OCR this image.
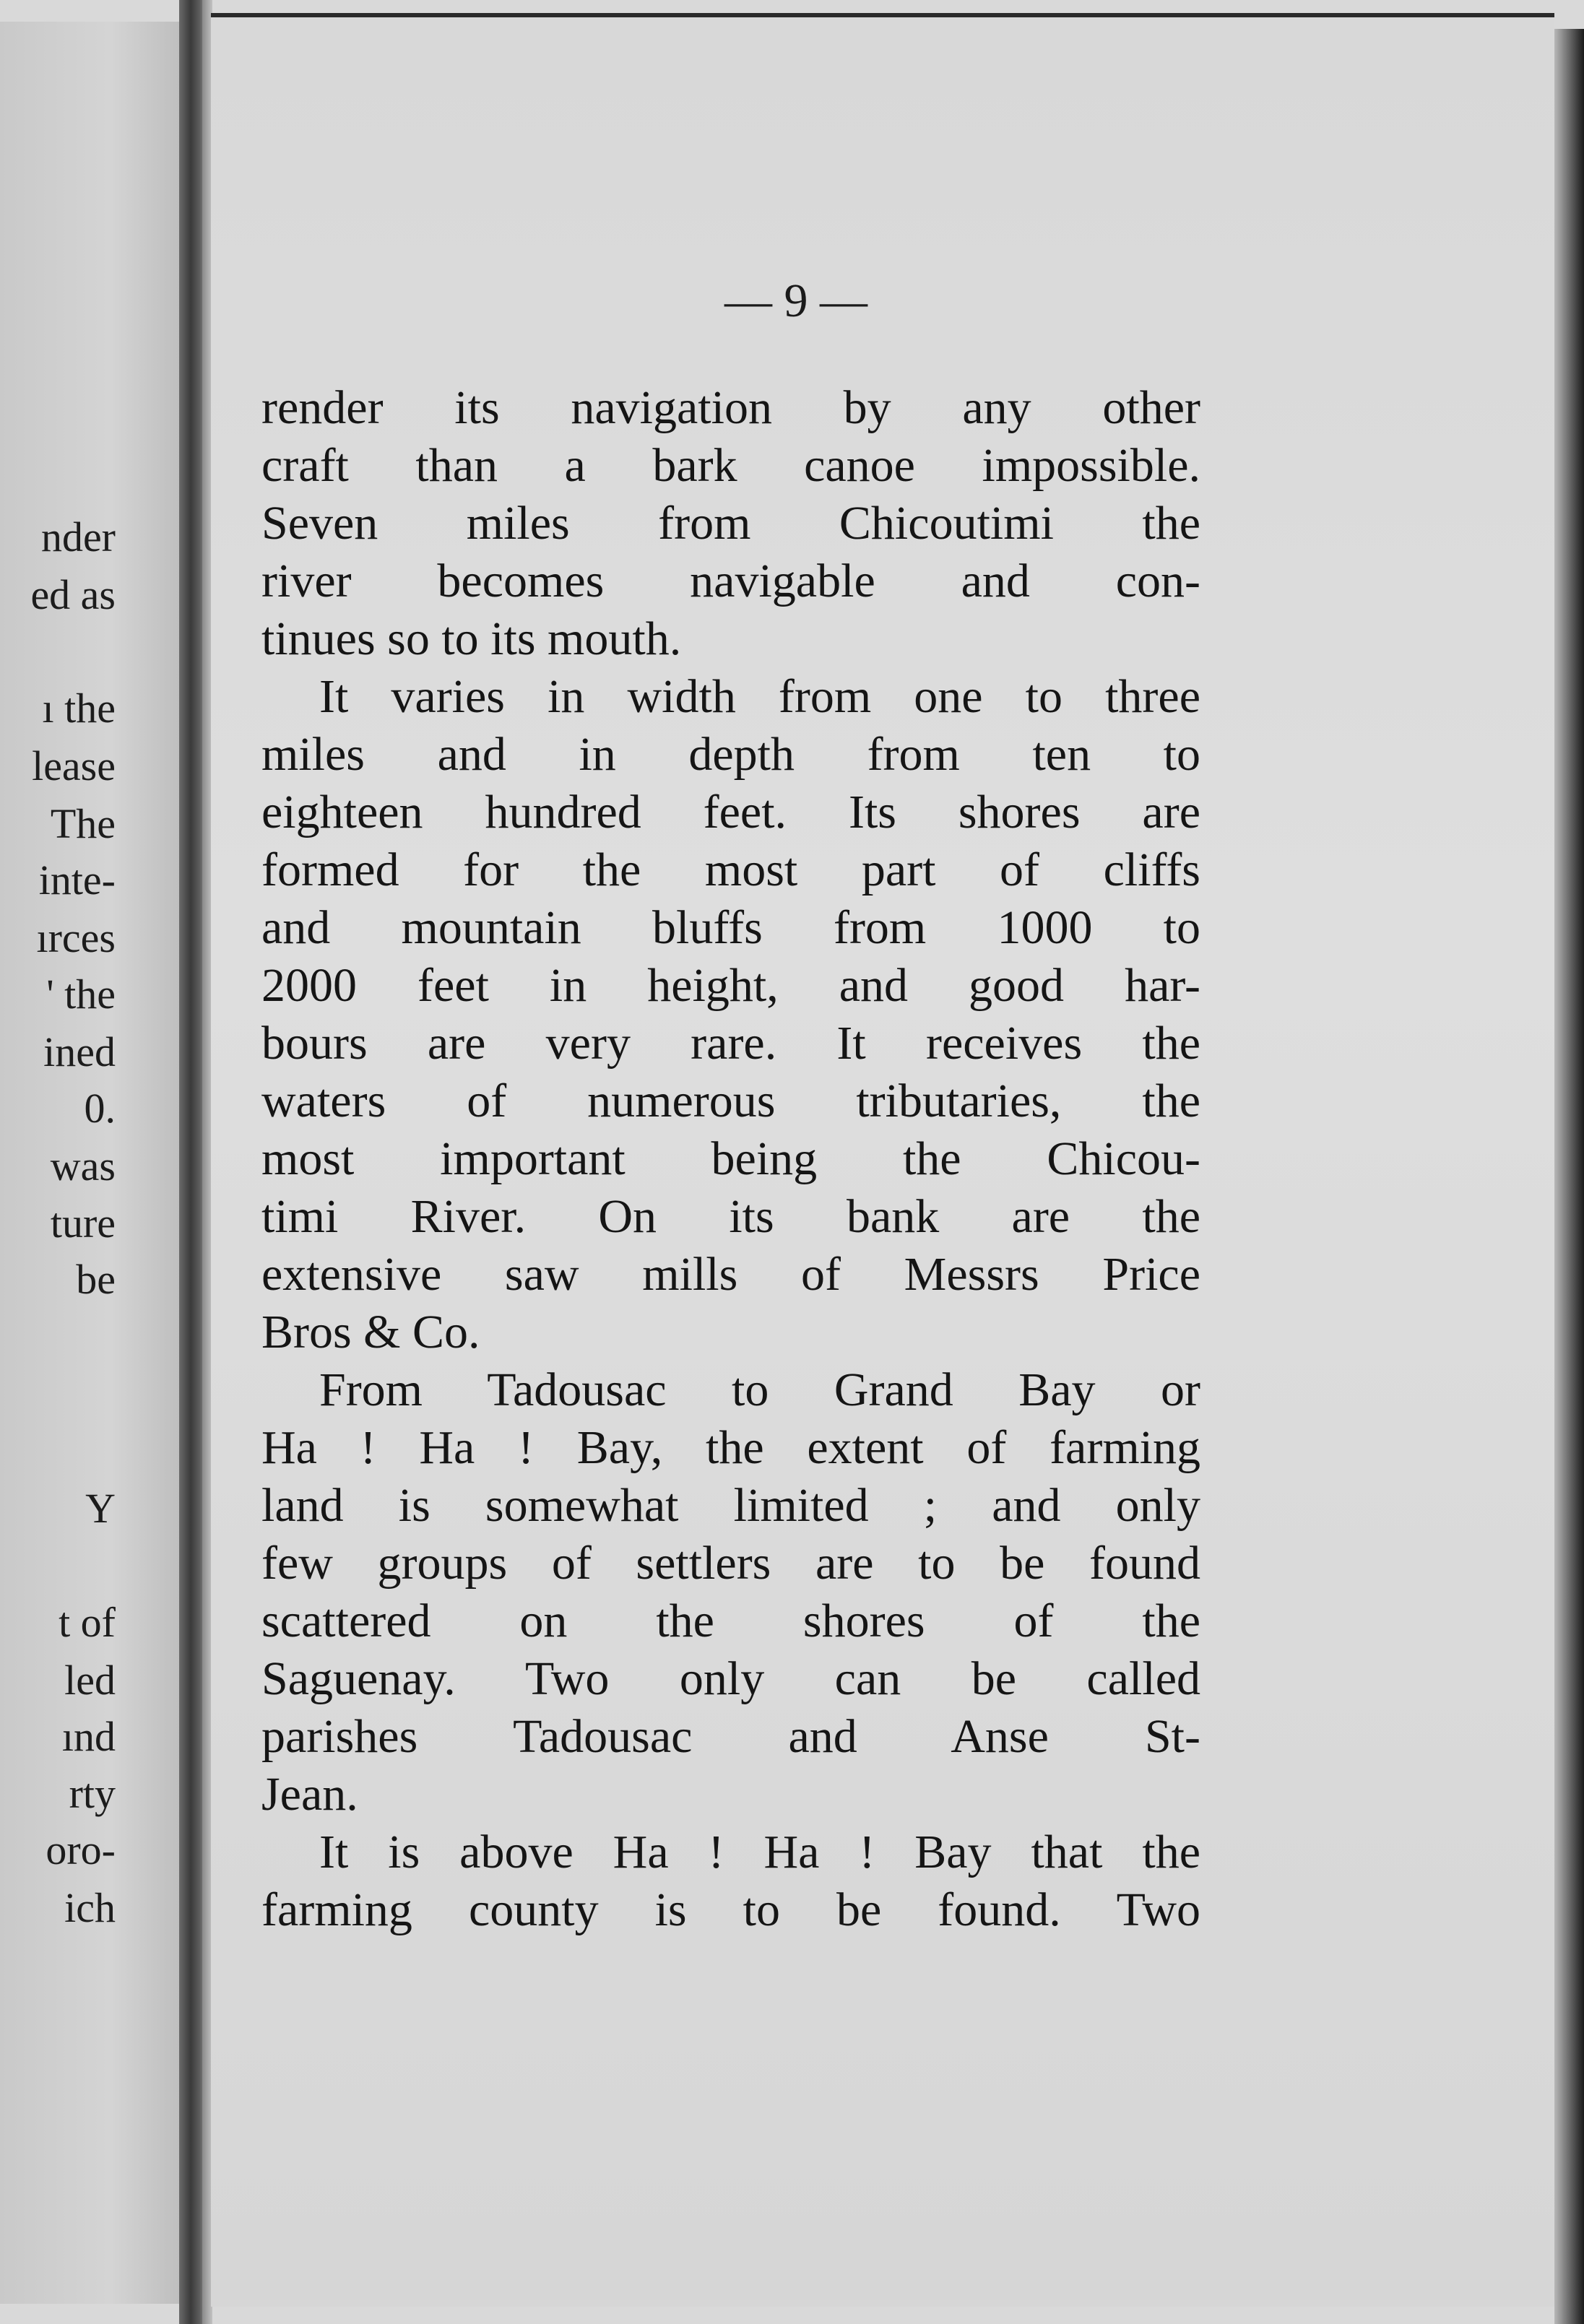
nder
ed as
ı the
lease
The
inte-
ırces
' the
ined
0.
was
ture
be
Y
t of
led
ınd
rty
oro-
ich
— 9 —
render its navigation by any other
craft than a bark canoe impossible.
Seven miles from Chicoutimi the
river becomes navigable and con-
tinues so to its mouth.
It varies in width from one to three
miles and in depth from ten to
eighteen hundred feet. Its shores are
formed for the most part of cliffs
and mountain bluffs from 1000 to
2000 feet in height, and good har-
bours are very rare. It receives the
waters of numerous tributaries, the
most important being the Chicou-
timi River. On its bank are the
extensive saw mills of Messrs Price
Bros & Co.
From Tadousac to Grand Bay or
Ha ! Ha ! Bay, the extent of farming
land is somewhat limited ; and only
few groups of settlers are to be found
scattered on the shores of the
Saguenay. Two only can be called
parishes Tadousac and Anse St-
Jean.
It is above Ha ! Ha ! Bay that the
farming county is to be found. Two
